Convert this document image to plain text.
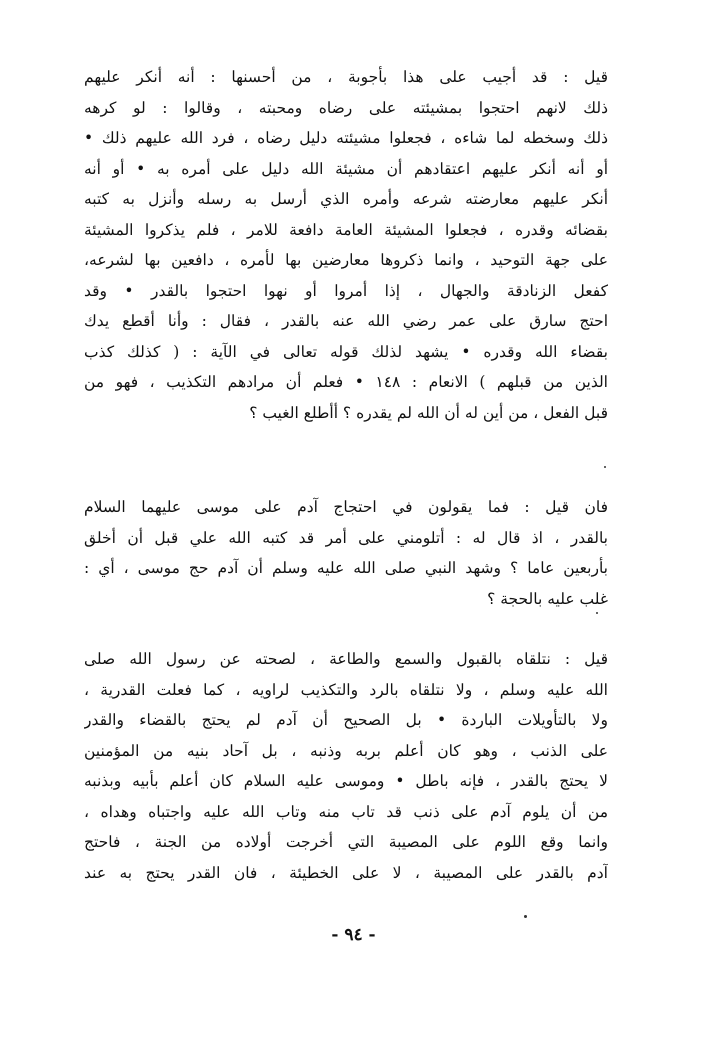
قيل : قد أجيب على هذا بأجوبة ، من أحسنها : أنه أنكر عليهم
ذلك لانهم احتجوا بمشيئته على رضاه ومحبته ، وقالوا : لو كرهه
ذلك وسخطه لما شاءه ، فجعلوا مشيئته دليل رضاه ، فرد الله عليهم ذلك •
أو أنه أنكر عليهم اعتقادهم أن مشيئة الله دليل على أمره به • أو أنه
أنكر عليهم معارضته شرعه وأمره الذي أرسل به رسله وأنزل به كتبه
بقضائه وقدره ، فجعلوا المشيئة العامة دافعة للامر ، فلم يذكروا المشيئة
على جهة التوحيد ، وانما ذكروها معارضين بها لأمره ، دافعين بها لشرعه،
كفعل الزنادقة والجهال ، إذا أمروا أو نهوا احتجوا بالقدر • وقد
احتج سارق على عمر رضي الله عنه بالقدر ، فقال : وأنا أقطع يدك
بقضاء الله وقدره • يشهد لذلك قوله تعالى في الآية : ( كذلك كذب
الذين من قبلهم ) الانعام : ١٤٨ • فعلم أن مرادهم التكذيب ، فهو من
قبل الفعل ، من أين له أن الله لم يقدره ؟ أأطلع الغيب ؟
فان قيل : فما يقولون في احتجاج آدم على موسى عليهما السلام
بالقدر ، اذ قال له : أتلومني على أمر قد كتبه الله علي قبل أن أخلق
بأربعين عاما ؟ وشهد النبي صلى الله عليه وسلم أن آدم حج موسى ، أي :
غلب عليه بالحجة ؟
قيل : نتلقاه بالقبول والسمع والطاعة ، لصحته عن رسول الله صلى
الله عليه وسلم ، ولا نتلقاه بالرد والتكذيب لراويه ، كما فعلت القدرية ،
ولا بالتأويلات الباردة • بل الصحيح أن آدم لم يحتج بالقضاء والقدر
على الذنب ، وهو كان أعلم بربه وذنبه ، بل آحاد بنيه من المؤمنين
لا يحتج بالقدر ، فإنه باطل • وموسى عليه السلام كان أعلم بأبيه وبذنبه
من أن يلوم آدم على ذنب قد تاب منه وتاب الله عليه واجتباه وهداه ،
وانما وقع اللوم على المصيبة التي أخرجت أولاده من الجنة ، فاحتج
آدم بالقدر على المصيبة ، لا على الخطيئة ، فان القدر يحتج به عند
- ٩٤ -
